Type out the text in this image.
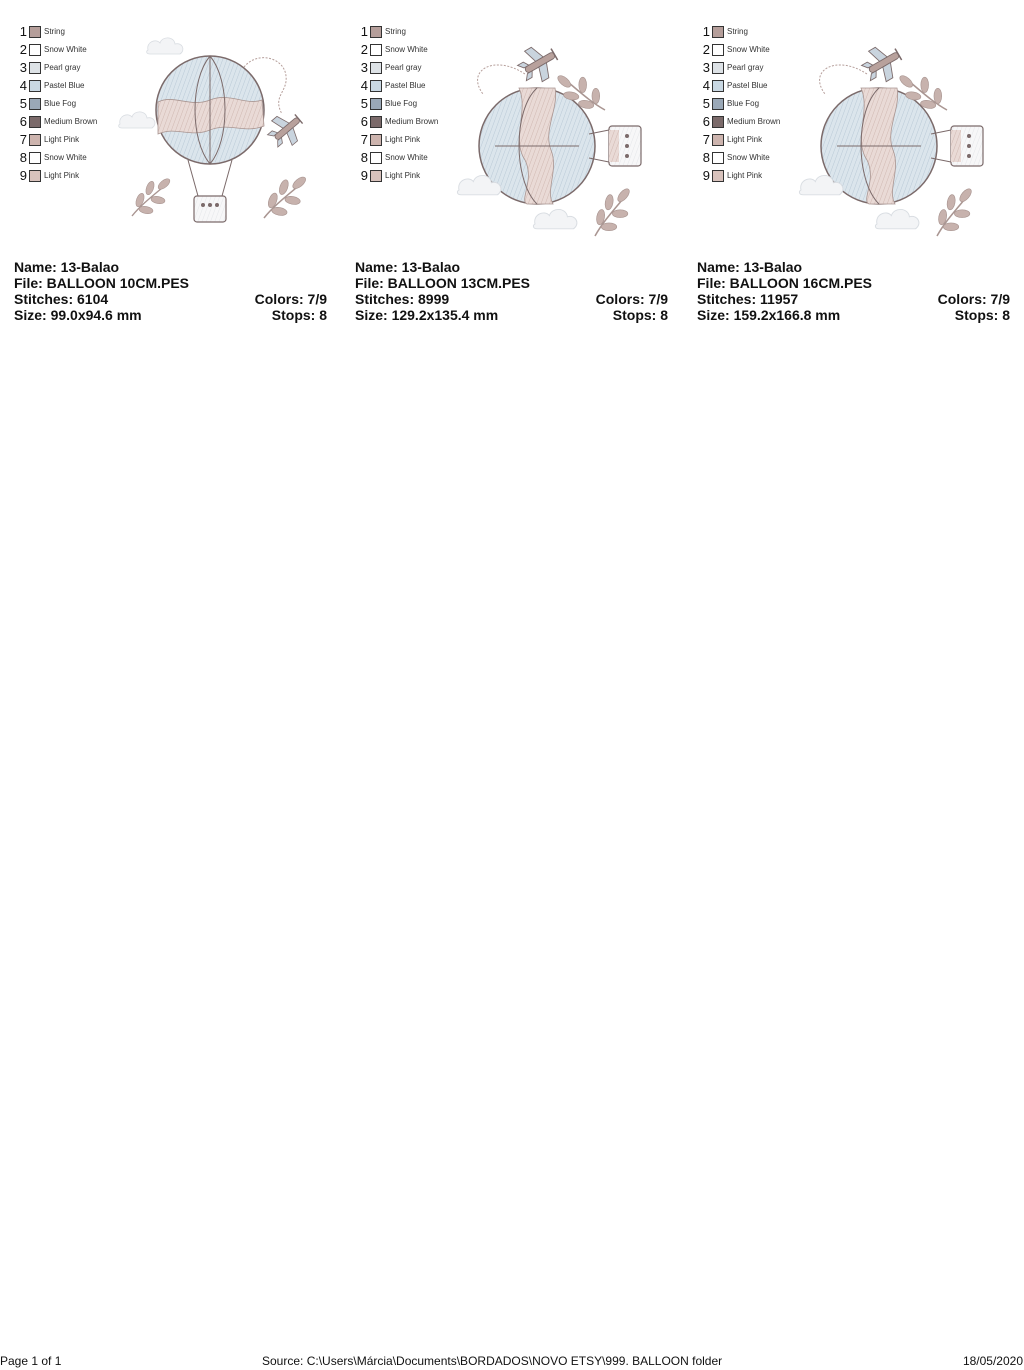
1 String
2 Snow White
3 Pearl gray
4 Pastel Blue
5 Blue Fog
6 Medium Brown
7 Light Pink
8 Snow White
9 Light Pink
Name: 13-Balao
File: BALLOON 10CM.PES
Stitches: 6104	Colors: 7/9
Size: 99.0x94.6 mm	Stops: 8
1 String
2 Snow White
3 Pearl gray
4 Pastel Blue
5 Blue Fog
6 Medium Brown
7 Light Pink
8 Snow White
9 Light Pink
Name: 13-Balao
File: BALLOON 13CM.PES
Stitches: 8999	Colors: 7/9
Size: 129.2x135.4 mm	Stops: 8
1 String
2 Snow White
3 Pearl gray
4 Pastel Blue
5 Blue Fog
6 Medium Brown
7 Light Pink
8 Snow White
9 Light Pink
Name: 13-Balao
File: BALLOON 16CM.PES
Stitches: 11957	Colors: 7/9
Size: 159.2x166.8 mm	Stops: 8
Page 1 of 1	Source: C:\Users\Márcia\Documents\BORDADOS\NOVO ETSY\999. BALLOON folder	18/05/2020
